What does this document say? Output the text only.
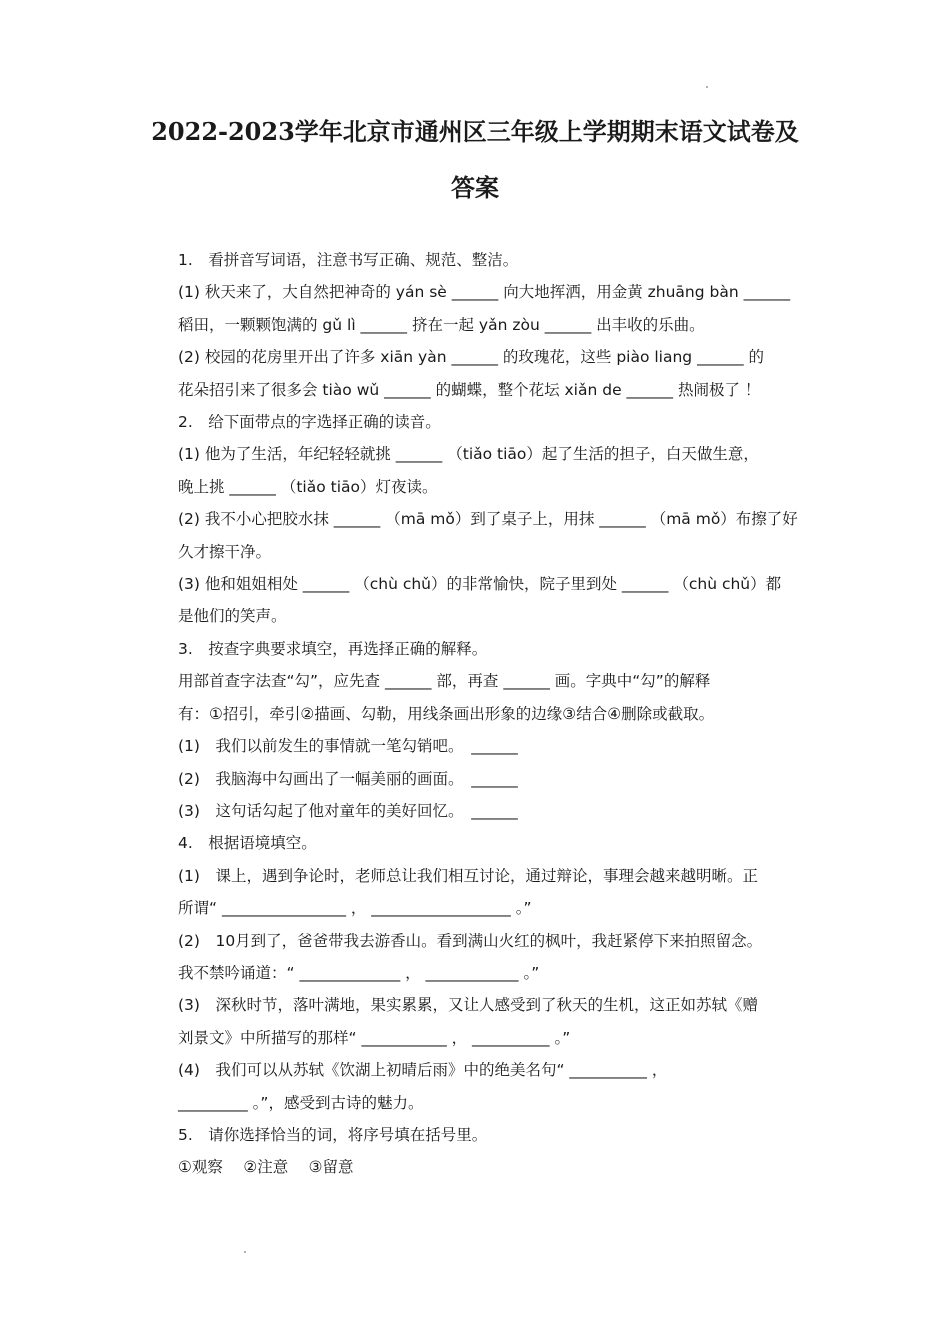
2022-2023学年北京市通州区三年级上学期期末语文试卷及
答案

1.　看拼音写词语，注意书写正确、规范、整洁。

(1) 秋天来了，大自然把神奇的 yán sè ______ 向大地挥洒，用金黄 zhuāng bàn ______

稻田，一颗颗饱满的 gǔ lì ______ 挤在一起 yǎn zòu ______ 出丰收的乐曲。

(2) 校园的花房里开出了许多 xiān yàn ______ 的玫瑰花，这些 piào liang ______ 的

花朵招引来了很多会 tiào wǔ ______ 的蝴蝶，整个花坛 xiǎn de ______ 热闹极了 ！

2.　给下面带点的字选择正确的读音。

(1) 他为了生活，年纪轻轻就挑 ______ （tiǎo tiāo）起了生活的担子，白天做生意，

晚上挑 ______ （tiǎo tiāo）灯夜读。

(2) 我不小心把胶水抹 ______ （mā mǒ）到了桌子上，用抹 ______ （mā mǒ）布擦了好

久才擦干净。

(3) 他和姐姐相处 ______ （chù chǔ）的非常愉快，院子里到处 ______ （chù chǔ）都

是他们的笑声。

3.　按查字典要求填空，再选择正确的解释。

用部首查字法查“勾”，应先查 ______ 部，再查 ______ 画。字典中“勾”的解释

有：①招引，牵引②描画、勾勒，用线条画出形象的边缘③结合④删除或截取。

(1)　我们以前发生的事情就一笔勾销吧。　______

(2)　我脑海中勾画出了一幅美丽的画面。　______

(3)　这句话勾起了他对童年的美好回忆。　______

4.　根据语境填空。

(1)　课上，遇到争论时，老师总让我们相互讨论，通过辩论，事理会越来越明晰。正

所谓“ ________________ ， __________________ 。”

(2)　10月到了，爸爸带我去游香山。看到满山火红的枫叶，我赶紧停下来拍照留念。

我不禁吟诵道：“ _____________ ， ____________ 。”

(3)　深秋时节，落叶满地，果实累累，又让人感受到了秋天的生机，这正如苏轼《赠

刘景文》中所描写的那样“ ___________ ， __________ 。”

(4)　我们可以从苏轼《饮湖上初晴后雨》中的绝美名句“ __________ ，

_________ 。”，感受到古诗的魅力。

5.　请你选择恰当的词，将序号填在括号里。

①观察　 ②注意　 ③留意
